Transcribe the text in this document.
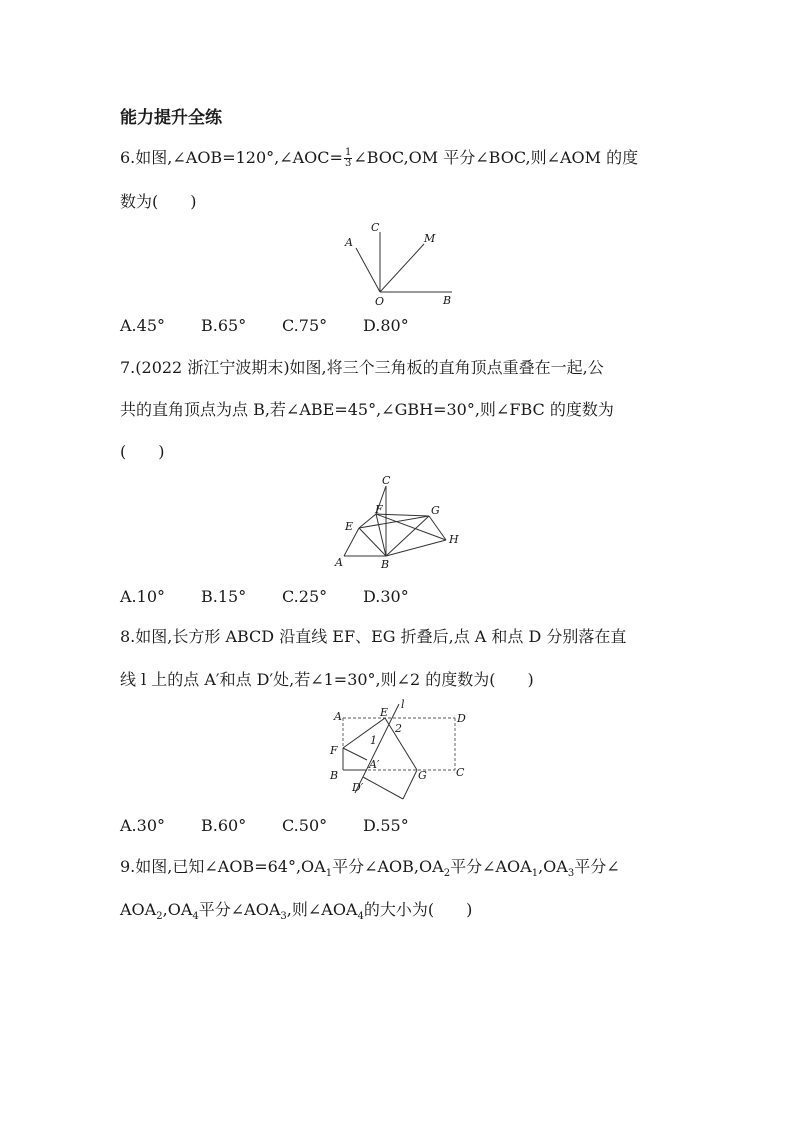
能力提升全练
6.如图,∠AOB=120°,∠AOC= $\frac{1}{3}$ ∠BOC,OM 平分∠BOC,则∠AOM 的度
数为(　　)
A
C
M
O	B
A.45° B.65° C.75° D.80°
7.(2022 浙江宁波期末)如图,将三个三角板的直角顶点重叠在一起,公
共的直角顶点为点 B,若∠ABE=45°,∠GBH=30°,则∠FBC 的度数为
(　　)
C
F	G
E
H
A	B
A.10° B.15° C.25° D.30°
8.如图,长方形 ABCD 沿直线 EF、EG 折叠后,点 A 和点 D 分别落在直
线 l 上的点 A′和点 D′处,若∠1=30°,则∠2 的度数为(　　)
A	E
l
D
F
1
2
A′
B	G	C
D′
A.30° B.60° C.50° D.55°
9.如图,已知$\angle AOB=64^\circ,OA_1$平分$\angle AOB,OA_2$平分$\angle AOA_1,OA_3$平分∠
$AOA_2,OA_4$平分$\angle AOA_3$,则$\angle AOA_4$的大小为(　　)
